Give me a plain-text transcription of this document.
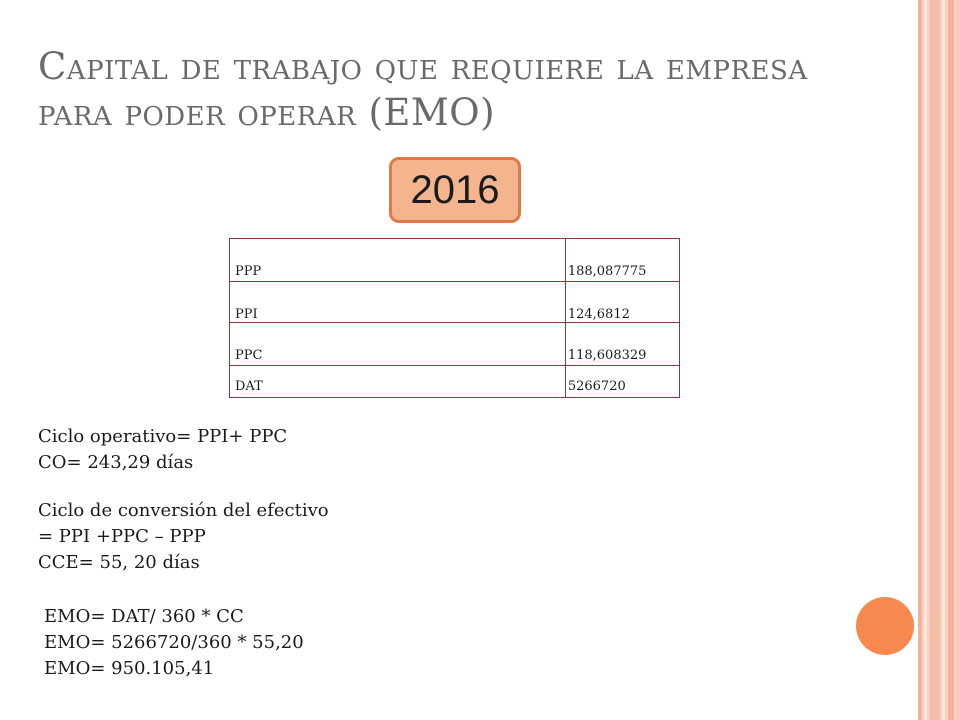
Capital de trabajo que requiere la empresa para poder operar (EMO)
2016
PPP	188,087775
PPI	124,6812
PPC	118,608329
DAT	5266720
Ciclo operativo= PPI+ PPC
CO= 243,29 días
Ciclo de conversión del efectivo
= PPI +PPC – PPP
CCE= 55, 20 días
EMO= DAT/ 360 * CC
EMO= 5266720/360 * 55,20
EMO= 950.105,41
